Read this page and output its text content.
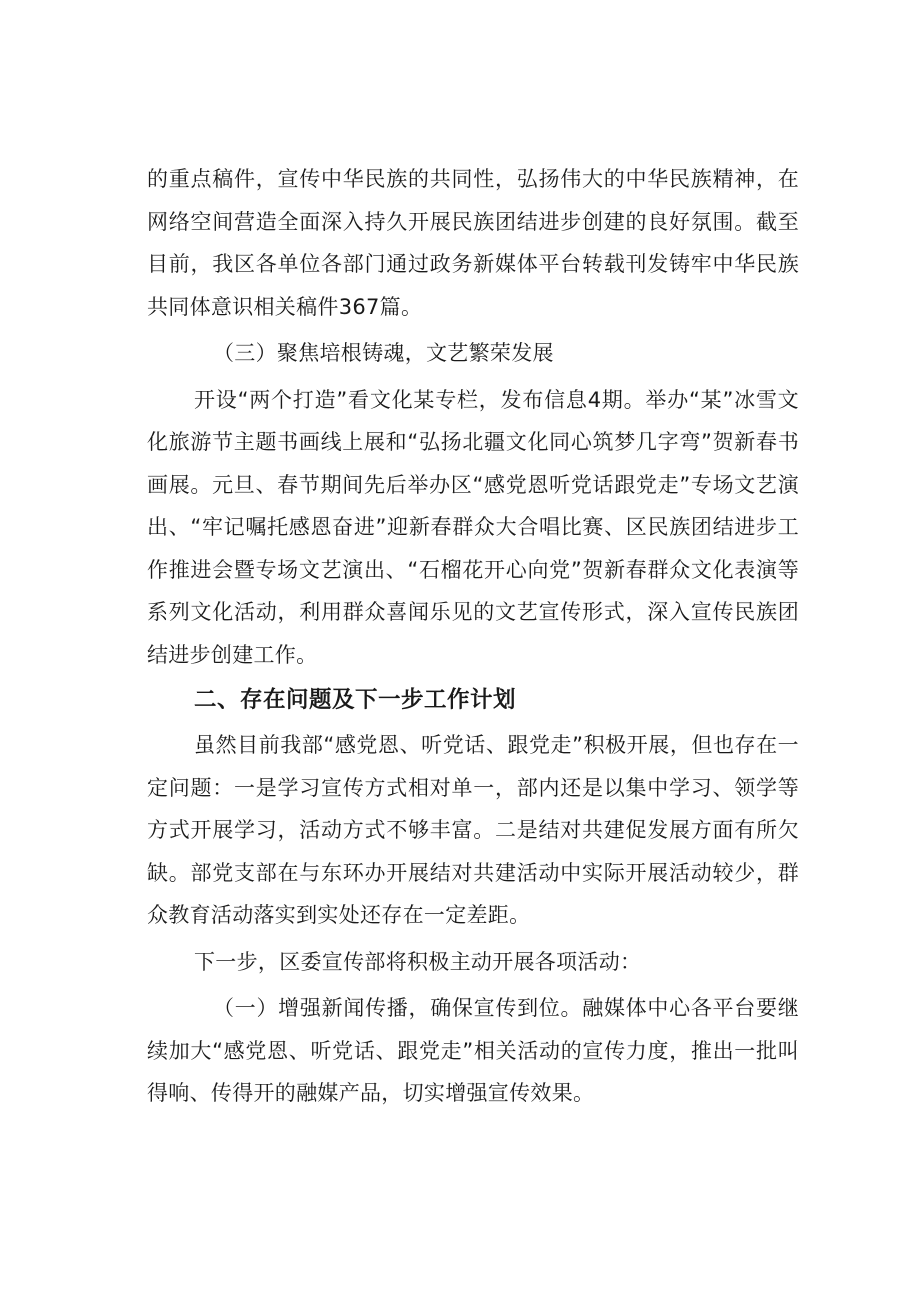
的重点稿件，宣传中华民族的共同性，弘扬伟大的中华民族精神，在网络空间营造全面深入持久开展民族团结进步创建的良好氛围。截至目前，我区各单位各部门通过政务新媒体平台转载刊发铸牢中华民族共同体意识相关稿件367篇。

（三）聚焦培根铸魂，文艺繁荣发展

开设“两个打造”看文化某专栏，发布信息4期。举办“某”冰雪文化旅游节主题书画线上展和“弘扬北疆文化同心筑梦几字弯”贺新春书画展。元旦、春节期间先后举办区“感党恩听党话跟党走”专场文艺演出、“牢记嘱托感恩奋进”迎新春群众大合唱比赛、区民族团结进步工作推进会暨专场文艺演出、“石榴花开心向党”贺新春群众文化表演等系列文化活动，利用群众喜闻乐见的文艺宣传形式，深入宣传民族团结进步创建工作。

二、存在问题及下一步工作计划

虽然目前我部“感党恩、听党话、跟党走”积极开展，但也存在一定问题：一是学习宣传方式相对单一，部内还是以集中学习、领学等方式开展学习，活动方式不够丰富。二是结对共建促发展方面有所欠缺。部党支部在与东环办开展结对共建活动中实际开展活动较少，群众教育活动落实到实处还存在一定差距。

下一步，区委宣传部将积极主动开展各项活动：

（一）增强新闻传播，确保宣传到位。融媒体中心各平台要继续加大“感党恩、听党话、跟党走”相关活动的宣传力度，推出一批叫得响、传得开的融媒产品，切实增强宣传效果。
